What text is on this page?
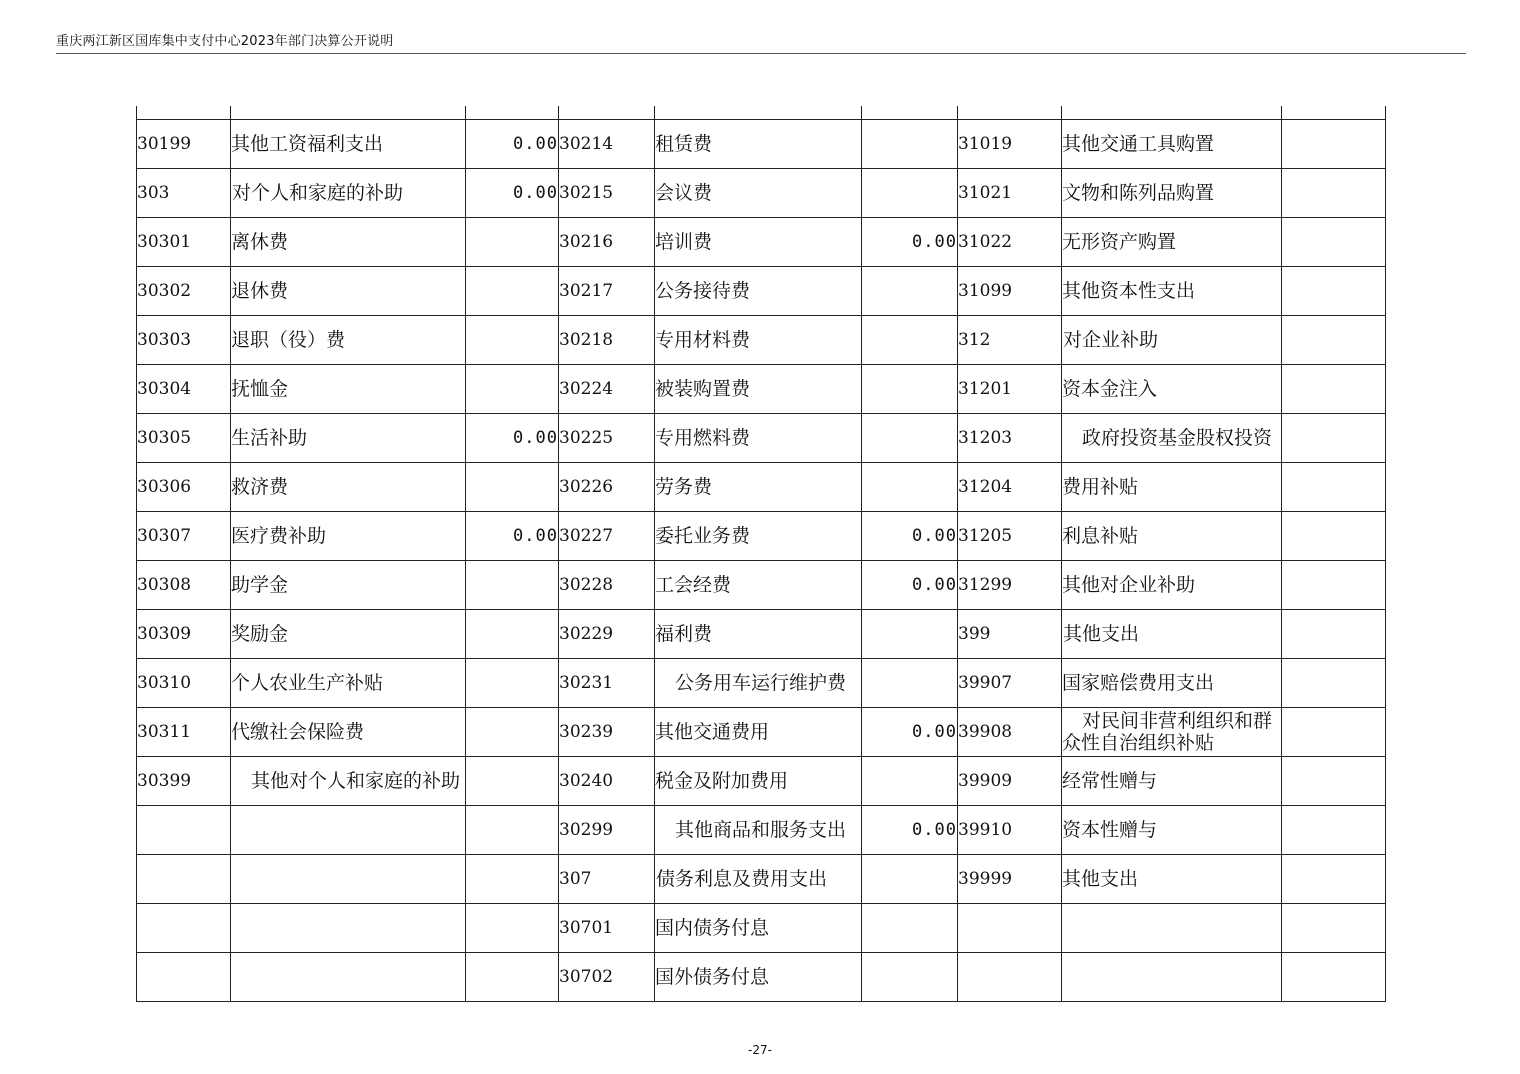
重庆两江新区国库集中支付中心2023年部门决算公开说明

30199	其他工资福利支出	0.00	30214	租赁费		31019	其他交通工具购置	
303	对个人和家庭的补助	0.00	30215	会议费		31021	文物和陈列品购置	
30301	离休费		30216	培训费	0.00	31022	无形资产购置	
30302	退休费		30217	公务接待费		31099	其他资本性支出	
30303	退职（役）费		30218	专用材料费		312	对企业补助	
30304	抚恤金		30224	被装购置费		31201	资本金注入	
30305	生活补助	0.00	30225	专用燃料费		31203	政府投资基金股权投资	
30306	救济费		30226	劳务费		31204	费用补贴	
30307	医疗费补助	0.00	30227	委托业务费	0.00	31205	利息补贴	
30308	助学金		30228	工会经费	0.00	31299	其他对企业补助	
30309	奖励金		30229	福利费		399	其他支出	
30310	个人农业生产补贴		30231	公务用车运行维护费		39907	国家赔偿费用支出	
30311	代缴社会保险费		30239	其他交通费用	0.00	39908	对民间非营利组织和群众性自治组织补贴	
30399	其他对个人和家庭的补助		30240	税金及附加费用		39909	经常性赠与	
			30299	其他商品和服务支出	0.00	39910	资本性赠与	
			307	债务利息及费用支出		39999	其他支出	
			30701	国内债务付息				
			30702	国外债务付息				
-27-
